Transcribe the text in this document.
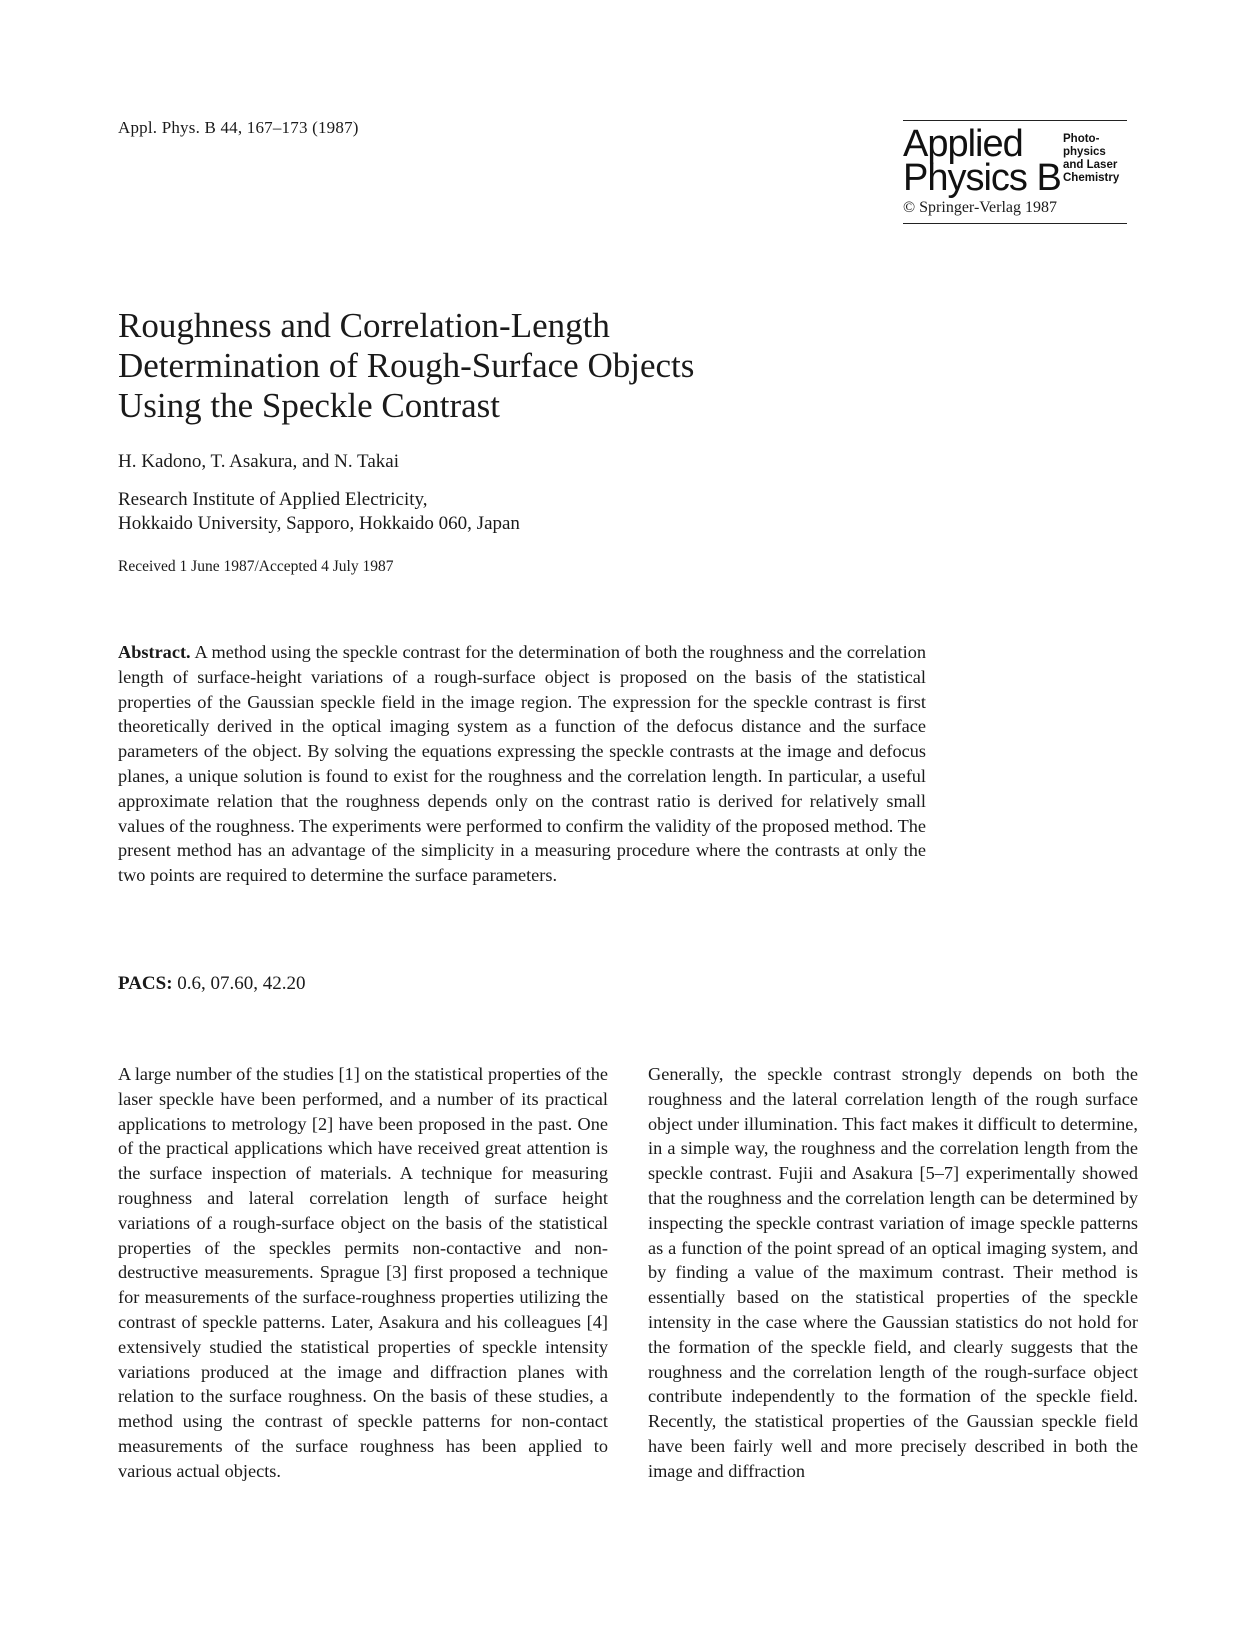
Appl. Phys. B 44, 167–173 (1987)	Applied
Physics B
Photo-
physics
and Laser
Chemistry
© Springer-Verlag 1987
Roughness and Correlation-Length
Determination of Rough-Surface Objects
Using the Speckle Contrast
H. Kadono, T. Asakura, and N. Takai
Research Institute of Applied Electricity,
Hokkaido University, Sapporo, Hokkaido 060, Japan
Received 1 June 1987/Accepted 4 July 1987
Abstract. A method using the speckle contrast for the determination of both the roughness and the correlation length of surface-height variations of a rough-surface object is proposed on the basis of the statistical properties of the Gaussian speckle field in the image region. The expression for the speckle contrast is first theoretically derived in the optical imaging system as a function of the defocus distance and the surface parameters of the object. By solving the equations expressing the speckle contrasts at the image and defocus planes, a unique solution is found to exist for the roughness and the correlation length. In particular, a useful approximate relation that the roughness depends only on the contrast ratio is derived for relatively small values of the roughness. The experiments were performed to confirm the validity of the proposed method. The present method has an advantage of the simplicity in a measuring procedure where the contrasts at only the two points are required to determine the surface parameters.
PACS: 0.6, 07.60, 42.20
A large number of the studies [1] on the statistical properties of the laser speckle have been performed, and a number of its practical applications to metrology [2] have been proposed in the past. One of the practical applications which have received great attention is the surface inspection of materials. A technique for measuring roughness and lateral correlation length of surface height variations of a rough-surface object on the basis of the statistical properties of the speckles permits non-contactive and non-destructive measurements. Sprague [3] first proposed a technique for measurements of the surface-roughness properties utilizing the contrast of speckle patterns. Later, Asakura and his colleagues [4] extensively studied the statistical properties of speckle intensity variations produced at the image and diffraction planes with relation to the surface roughness. On the basis of these studies, a method using the contrast of speckle patterns for non-contact measurements of the surface roughness has been applied to various actual objects.
Generally, the speckle contrast strongly depends on both the roughness and the lateral correlation length of the rough surface object under illumination. This fact makes it difficult to determine, in a simple way, the roughness and the correlation length from the speckle contrast. Fujii and Asakura [5–7] experimentally showed that the roughness and the correlation length can be determined by inspecting the speckle contrast variation of image speckle patterns as a function of the point spread of an optical imaging system, and by finding a value of the maximum contrast. Their method is essentially based on the statistical properties of the speckle intensity in the case where the Gaussian statistics do not hold for the formation of the speckle field, and clearly suggests that the roughness and the correlation length of the rough-surface object contribute independently to the formation of the speckle field. Recently, the statistical properties of the Gaussian speckle field have been fairly well and more precisely described in both the image and diffraction
